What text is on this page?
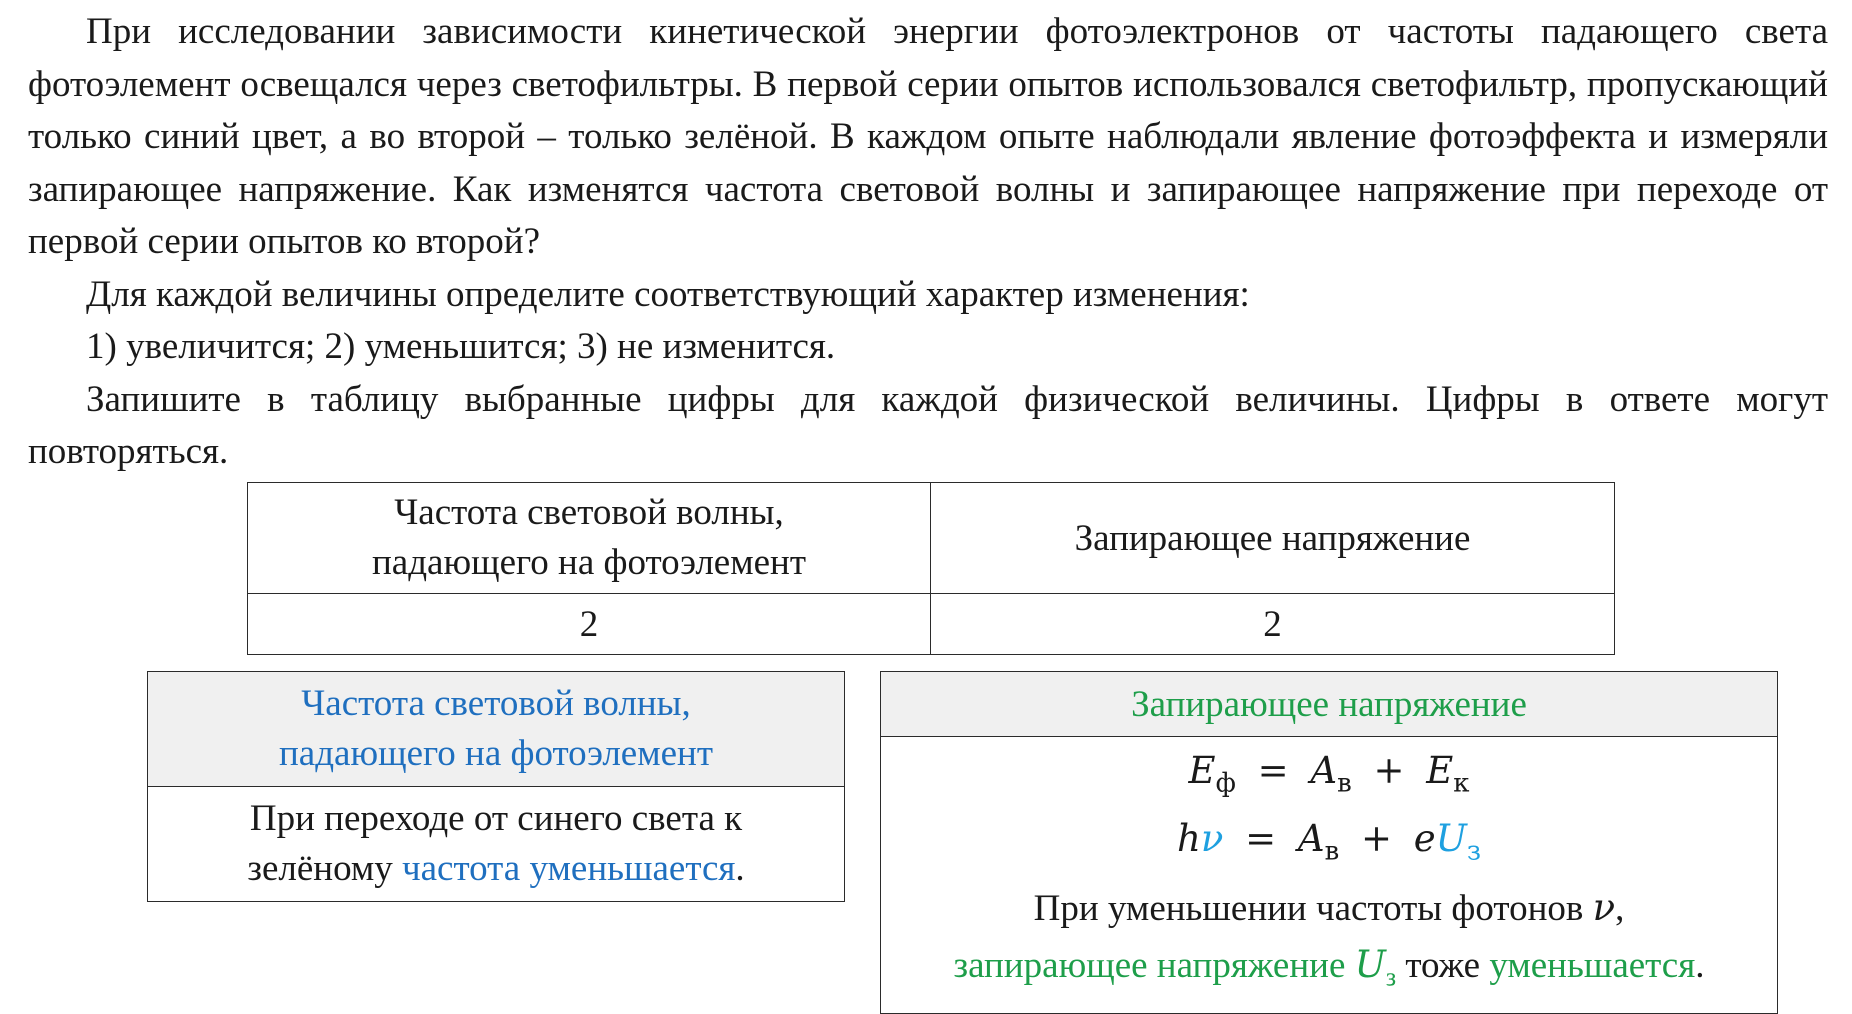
При исследовании зависимости кинетической энергии фотоэлектронов от частоты падающего света фотоэлемент освещался через светофильтры. В первой серии опытов использовался светофильтр, пропускающий только синий цвет, а во второй – только зелёной. В каждом опыте наблюдали явление фотоэффекта и измеряли запирающее напряжение. Как изменятся частота световой волны и запирающее напряжение при переходе от первой серии опытов ко второй?

Для каждой величины определите соответствующий характер изменения:

1) увеличится; 2) уменьшится; 3) не изменится.

Запишите в таблицу выбранные цифры для каждой физической величины. Цифры в ответе могут повторяться.

Частота световой волны,
падающего на фотоэлемент	Запирающее напряжение
2	2
Частота световой волны,
падающего на фотоэлемент

При переходе от синего света к
зелёному частота уменьшается.
Запирающее напряжение

$E_ф = A_в + E_к$
$h\nu = A_в + eU_з$
При уменьшении частоты фотонов ν,
запирающее напряжение $U_з$ тоже уменьшается.
